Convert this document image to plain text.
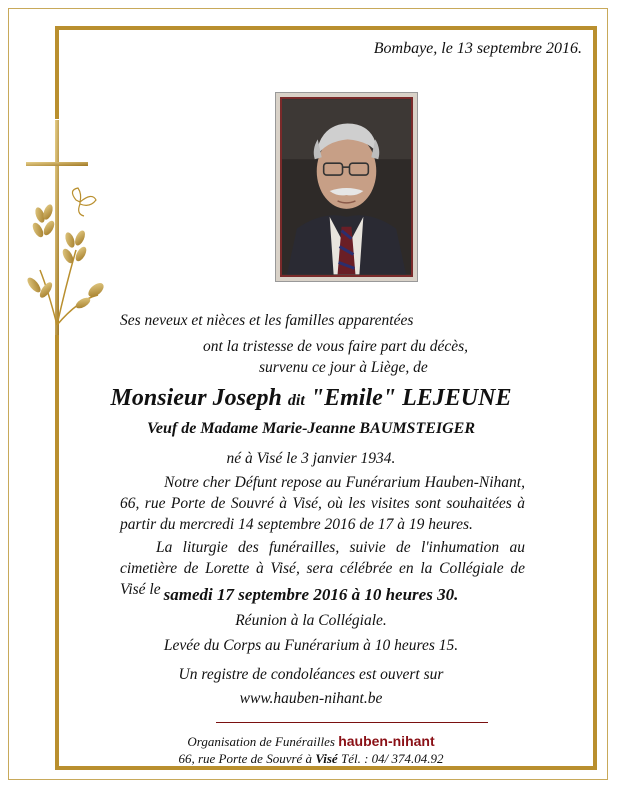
Bombaye, le 13 septembre 2016.
Ses neveux et nièces et les familles apparentées
ont la tristesse de vous faire part du décès,
survenu ce jour à Liège, de
Monsieur Joseph dit "Emile" LEJEUNE
Veuf de Madame Marie-Jeanne BAUMSTEIGER
né à Visé le 3 janvier 1934.
Notre cher Défunt repose au Funérarium Hauben-Nihant, 66, rue Porte de Souvré à Visé, où les visites sont souhaitées à partir du mercredi 14 septembre 2016 de 17 à 19 heures.
La liturgie des funérailles, suivie de l'inhumation au cimetière de Lorette à Visé, sera célébrée en la Collégiale de Visé le samedi 17 septembre 2016 à 10 heures 30.
Réunion à la Collégiale.
Levée du Corps au Funérarium à 10 heures 15.
Un registre de condoléances est ouvert sur
www.hauben-nihant.be
Organisation de Funérailles hauben-nihant
66, rue Porte de Souvré à Visé Tél. : 04/ 374.04.92
